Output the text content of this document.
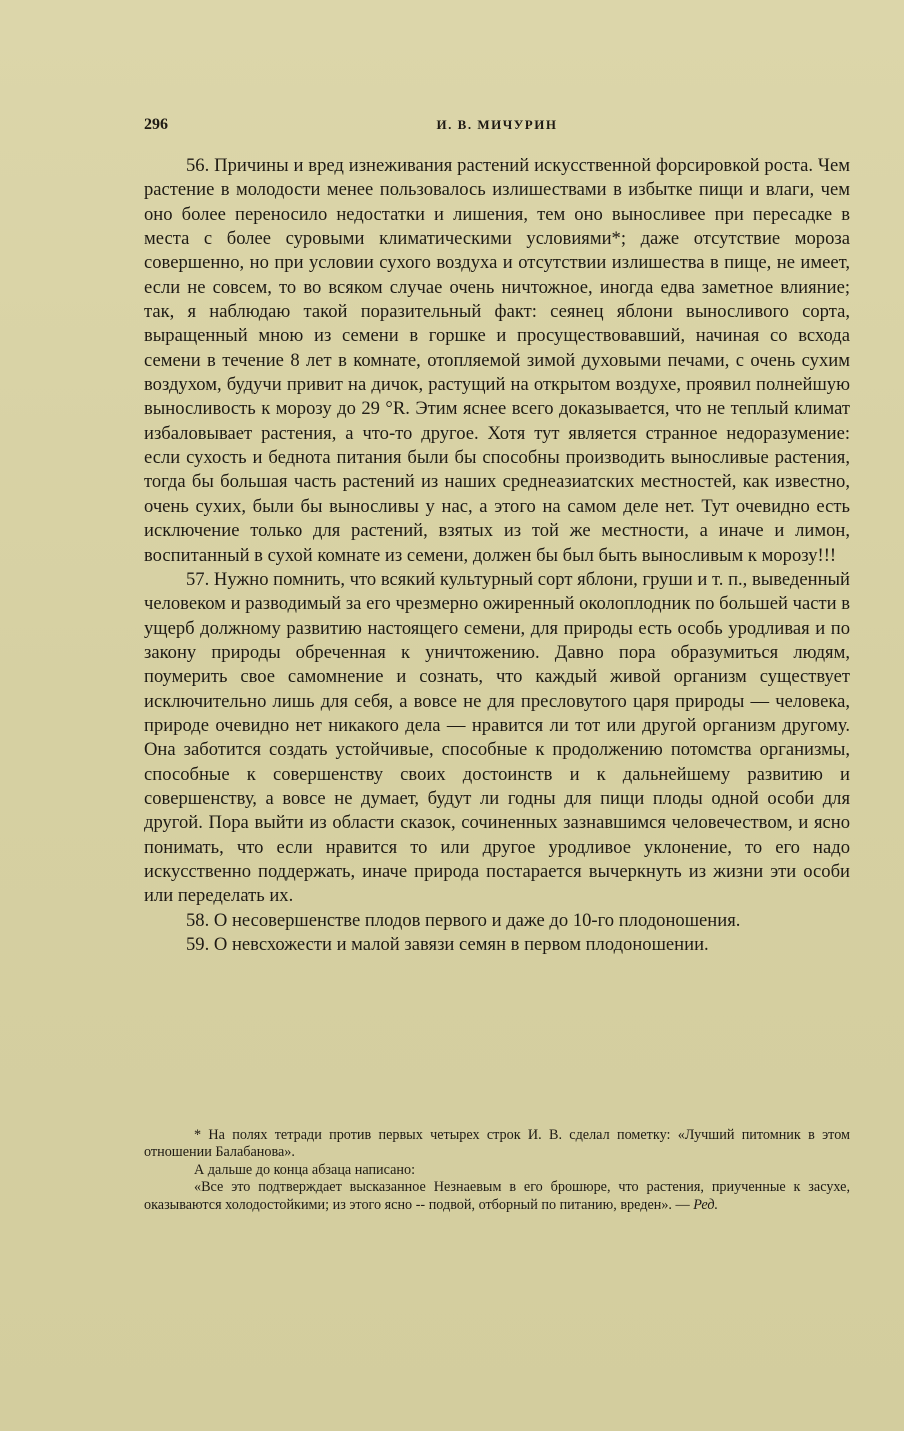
296	И. В. МИЧУРИН

56. Причины и вред изнеживания растений искусственной форсировкой роста. Чем растение в молодости менее пользовалось излишествами в избытке пищи и влаги, чем оно более переносило недостатки и лишения, тем оно выносливее при пересадке в места с более суровыми климатическими условиями*; даже отсутствие мороза совершенно, но при условии сухого воздуха и отсутствии излишества в пище, не имеет, если не совсем, то во всяком случае очень ничтожное, иногда едва заметное влияние; так, я наблюдаю такой поразительный факт: сеянец яблони выносливого сорта, выращенный мною из семени в горшке и просуществовавший, начиная со всхода семени в течение 8 лет в комнате, отопляемой зимой духовыми печами, с очень сухим воздухом, будучи привит на дичок, растущий на открытом воздухе, проявил полнейшую выносливость к морозу до 29 °R. Этим яснее всего доказывается, что не теплый климат избаловывает растения, а что-то другое. Хотя тут является странное недоразумение: если сухость и беднота питания были бы способны производить выносливые растения, тогда бы большая часть растений из наших среднеазиатских местностей, как известно, очень сухих, были бы выносливы у нас, а этого на самом деле нет. Тут очевидно есть исключение только для растений, взятых из той же местности, а иначе и лимон, воспитанный в сухой комнате из семени, должен бы был быть выносливым к морозу!!!

57. Нужно помнить, что всякий культурный сорт яблони, груши и т. п., выведенный человеком и разводимый за его чрезмерно ожиренный околоплодник по большей части в ущерб должному развитию настоящего семени, для природы есть особь уродливая и по закону природы обреченная к уничтожению. Давно пора образумиться людям, поумерить свое самомнение и сознать, что каждый живой организм существует исключительно лишь для себя, а вовсе не для пресловутого царя природы — человека, природе очевидно нет никакого дела — нравится ли тот или другой организм другому. Она заботится создать устойчивые, способные к продолжению потомства организмы, способные к совершенству своих достоинств и к дальнейшему развитию и совершенству, а вовсе не думает, будут ли годны для пищи плоды одной особи для другой. Пора выйти из области сказок, сочиненных зазнавшимся человечеством, и ясно понимать, что если нравится то или другое уродливое уклонение, то его надо искусственно поддержать, иначе природа постарается вычеркнуть из жизни эти особи или переделать их.

58. О несовершенстве плодов первого и даже до 10-го плодоношения.

59. О невсхожести и малой завязи семян в первом плодоношении.

* На полях тетради против первых четырех строк И. В. сделал пометку: «Лучший питомник в этом отношении Балабанова».

А дальше до конца абзаца написано:

«Все это подтверждает высказанное Незнаевым в его брошюре, что растения, приученные к засухе, оказываются холодостойкими; из этого ясно -- подвой, отборный по питанию, вреден». — Ред.
